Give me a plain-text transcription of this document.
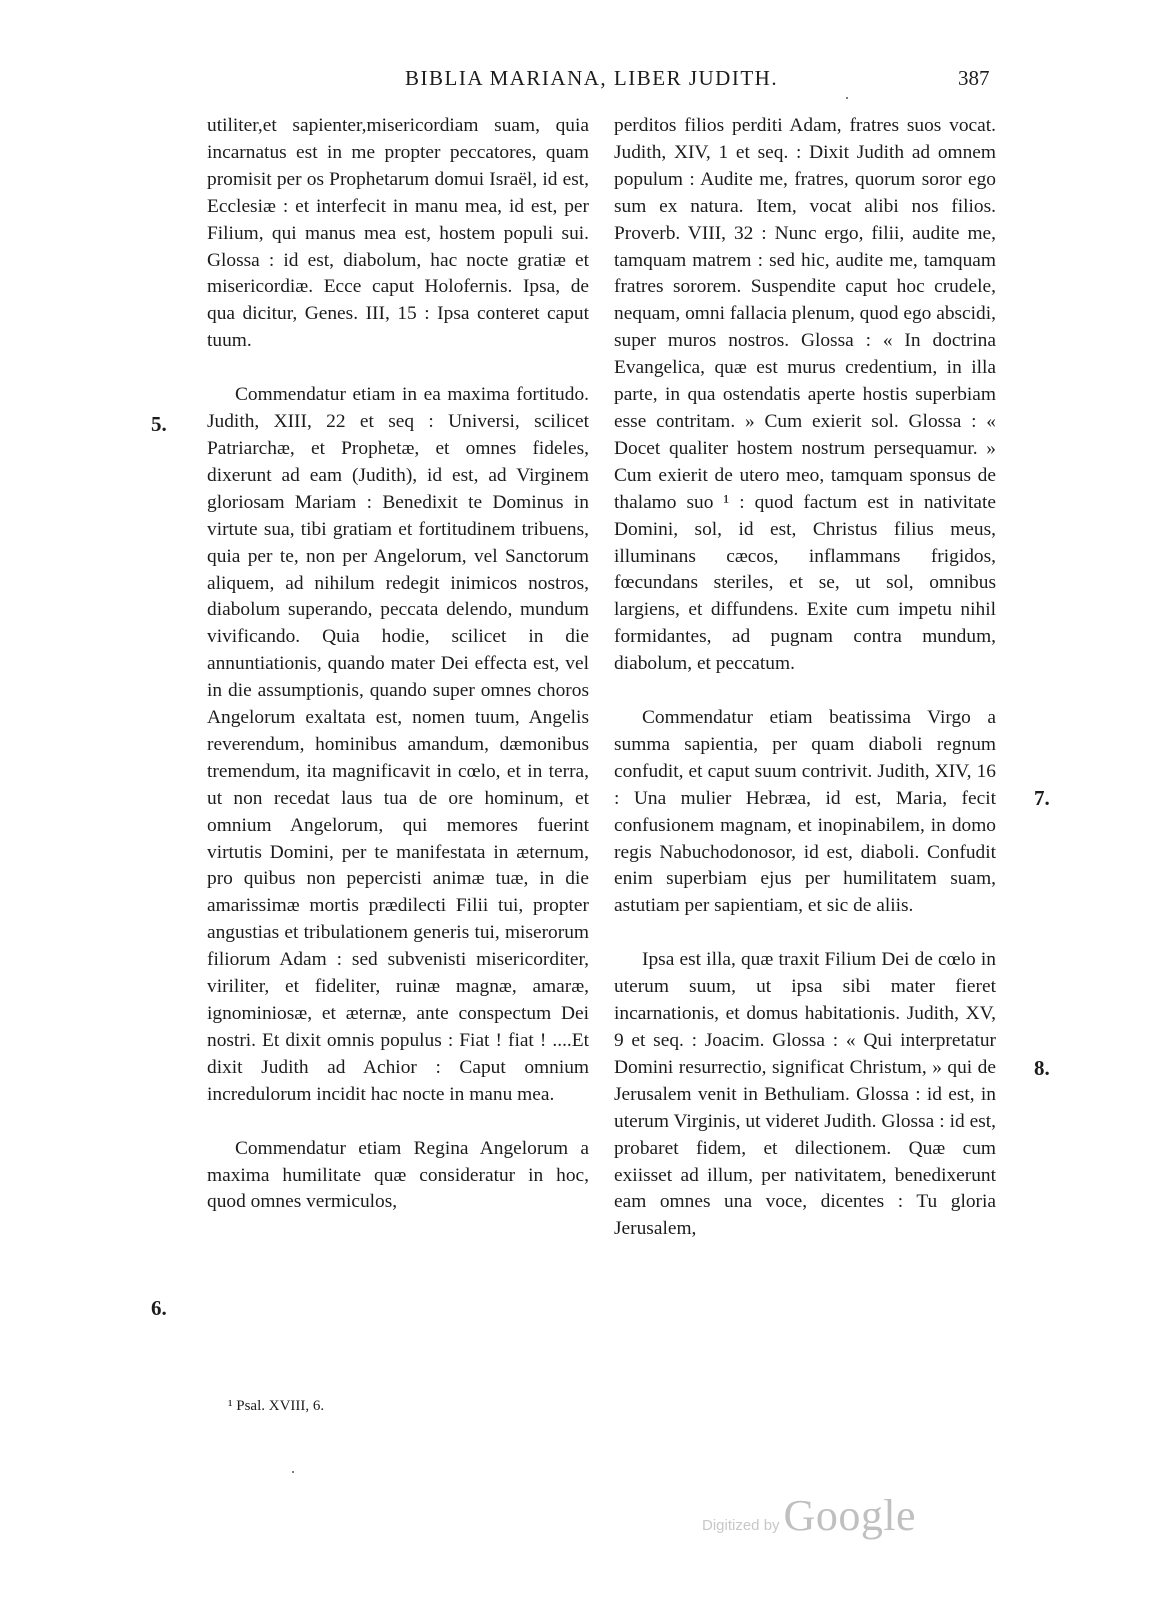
BIBLIA MARIANA, LIBER JUDITH.	387
5.
6.
7.
8.

utiliter,et sapienter,misericordiam suam, quia incarnatus est in me propter peccatores, quam promisit per os Prophetarum domui Israël, id est, Ecclesiæ : et interfecit in manu mea, id est, per Filium, qui manus mea est, hostem populi sui. Glossa : id est, diabolum, hac nocte gratiæ et misericordiæ. Ecce caput Holofernis. Ipsa, de qua dicitur, Genes. III, 15 : Ipsa conteret caput tuum.

Commendatur etiam in ea maxima fortitudo. Judith, XIII, 22 et seq : Universi, scilicet Patriarchæ, et Prophetæ, et omnes fideles, dixerunt ad eam (Judith), id est, ad Virginem gloriosam Mariam : Benedixit te Dominus in virtute sua, tibi gratiam et fortitudinem tribuens, quia per te, non per Angelorum, vel Sanctorum aliquem, ad nihilum redegit inimicos nostros, diabolum superando, peccata delendo, mundum vivificando. Quia hodie, scilicet in die annuntiationis, quando mater Dei effecta est, vel in die assumptionis, quando super omnes choros Angelorum exaltata est, nomen tuum, Angelis reverendum, hominibus amandum, dæmonibus tremendum, ita magnificavit in cœlo, et in terra, ut non recedat laus tua de ore hominum, et omnium Angelorum, qui memores fuerint virtutis Domini, per te manifestata in æternum, pro quibus non pepercisti animæ tuæ, in die amarissimæ mortis prædilecti Filii tui, propter angustias et tribulationem generis tui, miserorum filiorum Adam : sed subvenisti misericorditer, viriliter, et fideliter, ruinæ magnæ, amaræ, ignominiosæ, et æternæ, ante conspectum Dei nostri. Et dixit omnis populus : Fiat ! fiat ! ....Et dixit Judith ad Achior : Caput omnium incredulorum incidit hac nocte in manu mea.

Commendatur etiam Regina Angelorum a maxima humilitate quæ consideratur in hoc, quod omnes vermiculos,

perditos filios perditi Adam, fratres suos vocat. Judith, XIV, 1 et seq. : Dixit Judith ad omnem populum : Audite me, fratres, quorum soror ego sum ex natura. Item, vocat alibi nos filios. Proverb. VIII, 32 : Nunc ergo, filii, audite me, tamquam matrem : sed hic, audite me, tamquam fratres sororem. Suspendite caput hoc crudele, nequam, omni fallacia plenum, quod ego abscidi, super muros nostros. Glossa : « In doctrina Evangelica, quæ est murus credentium, in illa parte, in qua ostendatis aperte hostis superbiam esse contritam. » Cum exierit sol. Glossa : « Docet qualiter hostem nostrum persequamur. » Cum exierit de utero meo, tamquam sponsus de thalamo suo ¹ : quod factum est in nativitate Domini, sol, id est, Christus filius meus, illuminans cæcos, inflammans frigidos, fœcundans steriles, et se, ut sol, omnibus largiens, et diffundens. Exite cum impetu nihil formidantes, ad pugnam contra mundum, diabolum, et peccatum.

Commendatur etiam beatissima Virgo a summa sapientia, per quam diaboli regnum confudit, et caput suum contrivit. Judith, XIV, 16 : Una mulier Hebræa, id est, Maria, fecit confusionem magnam, et inopinabilem, in domo regis Nabuchodonosor, id est, diaboli. Confudit enim superbiam ejus per humilitatem suam, astutiam per sapientiam, et sic de aliis.

Ipsa est illa, quæ traxit Filium Dei de cœlo in uterum suum, ut ipsa sibi mater fieret incarnationis, et domus habitationis. Judith, XV, 9 et seq. : Joacim. Glossa : « Qui interpretatur Domini resurrectio, significat Christum, » qui de Jerusalem venit in Bethuliam. Glossa : id est, in uterum Virginis, ut videret Judith. Glossa : id est, probaret fidem, et dilectionem. Quæ cum exiisset ad illum, per nativitatem, benedixerunt eam omnes una voce, dicentes : Tu gloria Jerusalem,

¹ Psal. XVIII, 6.
Digitized by Google
